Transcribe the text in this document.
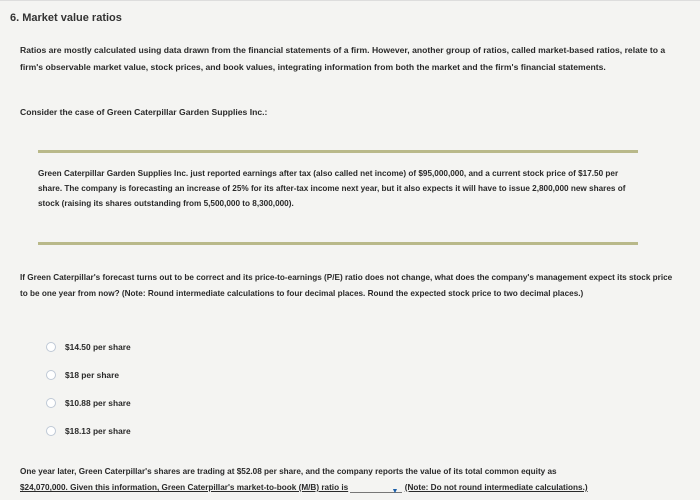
6. Market value ratios
Ratios are mostly calculated using data drawn from the financial statements of a firm. However, another group of ratios, called market-based ratios, relate to a firm's observable market value, stock prices, and book values, integrating information from both the market and the firm's financial statements.
Consider the case of Green Caterpillar Garden Supplies Inc.:
Green Caterpillar Garden Supplies Inc. just reported earnings after tax (also called net income) of $95,000,000, and a current stock price of $17.50 per share. The company is forecasting an increase of 25% for its after-tax income next year, but it also expects it will have to issue 2,800,000 new shares of stock (raising its shares outstanding from 5,500,000 to 8,300,000).
If Green Caterpillar's forecast turns out to be correct and its price-to-earnings (P/E) ratio does not change, what does the company's management expect its stock price to be one year from now? (Note: Round intermediate calculations to four decimal places. Round the expected stock price to two decimal places.)
$14.50 per share
$18 per share
$10.88 per share
$18.13 per share
One year later, Green Caterpillar's shares are trading at $52.08 per share, and the company reports the value of its total common equity as
$24,070,000. Given this information, Green Caterpillar's market-to-book (M/B) ratio is	▼ (Note: Do not round intermediate calculations.)
